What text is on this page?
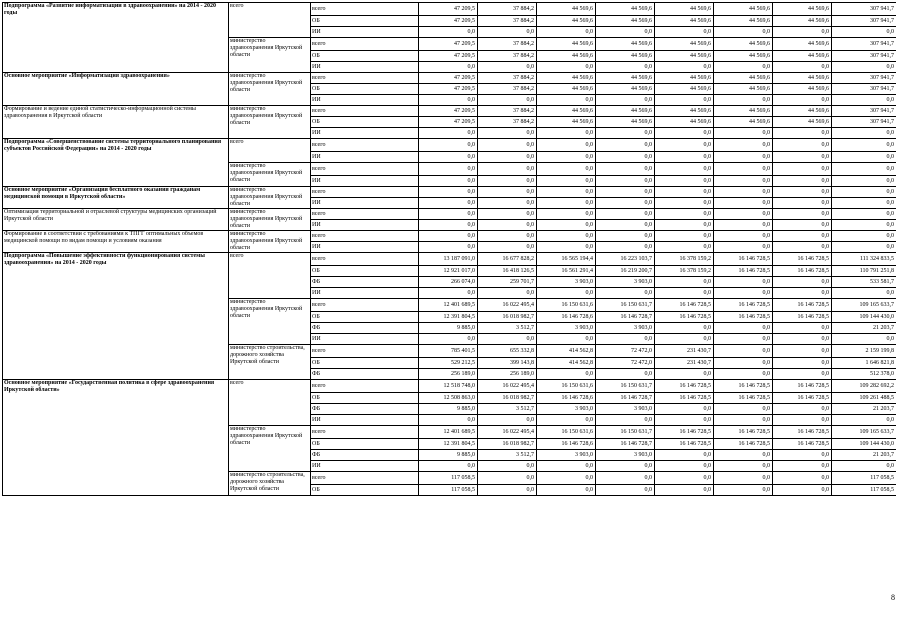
Подпрограмма «Развитие информатизации в здравоохранении» на 2014 - 2020 годы	всего	всего	47 209,5	37 884,2	44 569,6	44 569,6	44 569,6	44 569,6	44 569,6	307 941,7
		ОБ	47 209,5	37 884,2	44 569,6	44 569,6	44 569,6	44 569,6	44 569,6	307 941,7
		ИИ	0,0	0,0	0,0	0,0	0,0	0,0	0,0	0,0
	министерство здравоохранения Иркутской области	всего	47 209,5	37 884,2	44 569,6	44 569,6	44 569,6	44 569,6	44 569,6	307 941,7
		ОБ	47 209,5	37 884,2	44 569,6	44 569,6	44 569,6	44 569,6	44 569,6	307 941,7
		ИИ	0,0	0,0	0,0	0,0	0,0	0,0	0,0	0,0
Основное мероприятие «Информатизация здравоохранения»	министерство здравоохранения Иркутской области	всего	47 209,5	37 884,2	44 569,6	44 569,6	44 569,6	44 569,6	44 569,6	307 941,7
		ОБ	47 209,5	37 884,2	44 569,6	44 569,6	44 569,6	44 569,6	44 569,6	307 941,7
		ИИ	0,0	0,0	0,0	0,0	0,0	0,0	0,0	0,0
Формирование и ведение единой статистическо-информационной системы здравоохранения в Иркутской области	министерство здравоохранения Иркутской области	всего	47 209,5	37 884,2	44 569,6	44 569,6	44 569,6	44 569,6	44 569,6	307 941,7
		ОБ	47 209,5	37 884,2	44 569,6	44 569,6	44 569,6	44 569,6	44 569,6	307 941,7
		ИИ	0,0	0,0	0,0	0,0	0,0	0,0	0,0	0,0
Подпрограмма «Совершенствование системы территориального планирования субъектов Российской Федерации» на 2014 - 2020 годы	всего	всего	0,0	0,0	0,0	0,0	0,0	0,0	0,0	0,0
		ИИ	0,0	0,0	0,0	0,0	0,0	0,0	0,0	0,0
	министерство здравоохранения Иркутской области	всего	0,0	0,0	0,0	0,0	0,0	0,0	0,0	0,0
		ИИ	0,0	0,0	0,0	0,0	0,0	0,0	0,0	0,0
Основное мероприятие «Организация бесплатного оказания гражданам медицинской помощи в Иркутской области»	министерство здравоохранения Иркутской области	всего	0,0	0,0	0,0	0,0	0,0	0,0	0,0	0,0
		ИИ	0,0	0,0	0,0	0,0	0,0	0,0	0,0	0,0
Оптимизация территориальной и отраслевой структуры медицинских организаций Иркутской области	министерство здравоохранения Иркутской области	всего	0,0	0,0	0,0	0,0	0,0	0,0	0,0	0,0
		ИИ	0,0	0,0	0,0	0,0	0,0	0,0	0,0	0,0
Формирование в соответствии с требованиями к ТПГГ оптимальных объемов медицинской помощи по видам помощи и условиям оказания	министерство здравоохранения Иркутской области	всего	0,0	0,0	0,0	0,0	0,0	0,0	0,0	0,0
		ИИ	0,0	0,0	0,0	0,0	0,0	0,0	0,0	0,0
Подпрограмма «Повышение эффективности функционирования системы здравоохранения» на 2014 - 2020 годы	всего	всего	13 187 091,0	16 677 828,2	16 565 194,4	16 223 103,7	16 378 159,2	16 146 728,5	16 146 728,5	111 324 833,5
		ОБ	12 921 017,0	16 418 126,5	16 561 291,4	16 219 200,7	16 378 159,2	16 146 728,5	16 146 728,5	110 791 251,8
		ФБ	266 074,0	259 701,7	3 903,0	3 903,0	0,0	0,0	0,0	533 581,7
		ИИ	0,0	0,0	0,0	0,0	0,0	0,0	0,0	0,0
	министерство здравоохранения Иркутской области	всего	12 401 689,5	16 022 495,4	16 150 631,6	16 150 631,7	16 146 728,5	16 146 728,5	16 146 728,5	109 165 633,7
		ОБ	12 391 804,5	16 018 982,7	16 146 728,6	16 146 728,7	16 146 728,5	16 146 728,5	16 146 728,5	109 144 430,0
		ФБ	9 885,0	3 512,7	3 903,0	3 903,0	0,0	0,0	0,0	21 203,7
		ИИ	0,0	0,0	0,0	0,0	0,0	0,0	0,0	0,0
	министерство строительства, дорожного хозяйства Иркутской области	всего	785 401,5	655 332,8	414 562,8	72 472,0	231 430,7	0,0	0,0	2 159 199,8
		ОБ	529 212,5	399 143,8	414 562,8	72 472,0	231 430,7	0,0	0,0	1 646 821,8
		ФБ	256 189,0	256 189,0	0,0	0,0	0,0	0,0	0,0	512 378,0
Основное мероприятие «Государственная политика в сфере здравоохранения Иркутской области»	всего	всего	12 518 748,0	16 022 495,4	16 150 631,6	16 150 631,7	16 146 728,5	16 146 728,5	16 146 728,5	109 282 692,2
		ОБ	12 508 863,0	16 018 982,7	16 146 728,6	16 146 728,7	16 146 728,5	16 146 728,5	16 146 728,5	109 261 488,5
		ФБ	9 885,0	3 512,7	3 903,0	3 903,0	0,0	0,0	0,0	21 203,7
		ИИ	0,0	0,0	0,0	0,0	0,0	0,0	0,0	0,0
	министерство здравоохранения Иркутской области	всего	12 401 689,5	16 022 495,4	16 150 631,6	16 150 631,7	16 146 728,5	16 146 728,5	16 146 728,5	109 165 633,7
		ОБ	12 391 804,5	16 018 982,7	16 146 728,6	16 146 728,7	16 146 728,5	16 146 728,5	16 146 728,5	109 144 430,0
		ФБ	9 885,0	3 512,7	3 903,0	3 903,0	0,0	0,0	0,0	21 203,7
		ИИ	0,0	0,0	0,0	0,0	0,0	0,0	0,0	0,0
	министерство строительства, дорожного хозяйства Иркутской области	всего	117 058,5	0,0	0,0	0,0	0,0	0,0	0,0	117 058,5
		ОБ	117 058,5	0,0	0,0	0,0	0,0	0,0	0,0	117 058,5
8
